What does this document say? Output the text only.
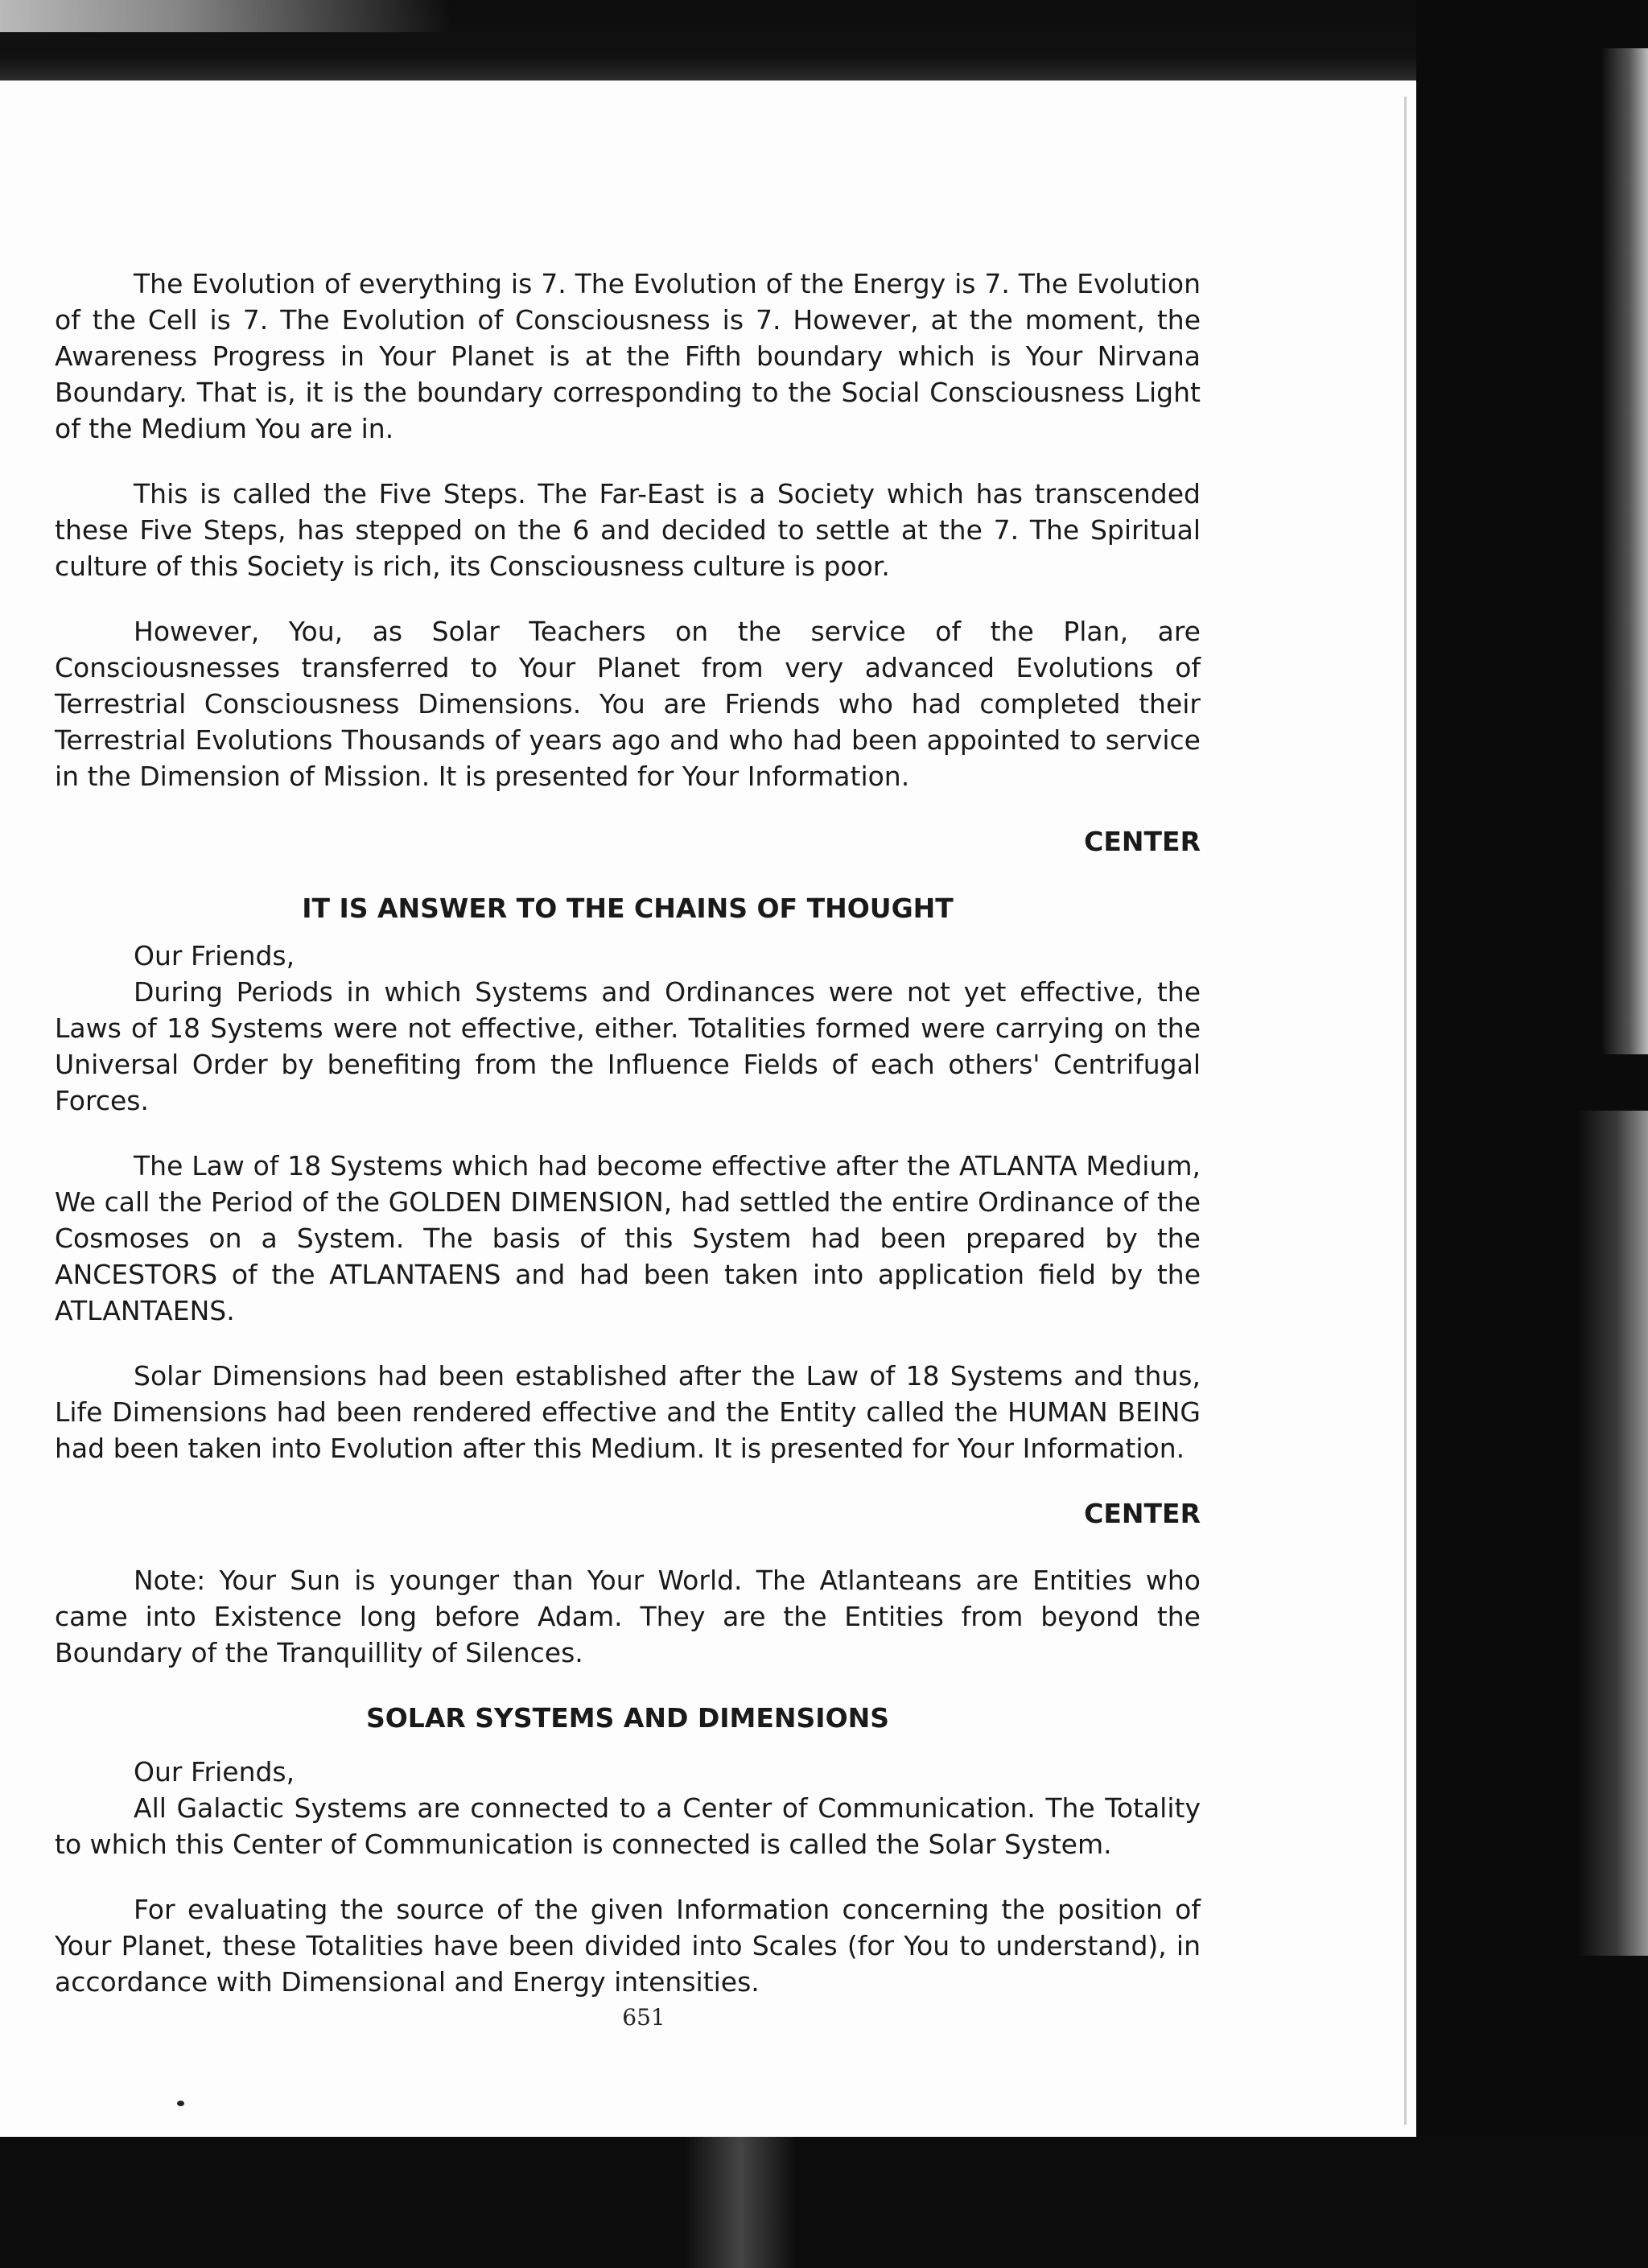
The Evolution of everything is 7. The Evolution of the Energy is 7. The Evolution of the Cell is 7. The Evolution of Consciousness is 7. However, at the moment, the Awareness Progress in Your Planet is at the Fifth boundary which is Your Nirvana Boundary. That is, it is the boundary corresponding to the Social Consciousness Light of the Medium You are in.

This is called the Five Steps. The Far-East is a Society which has transcended these Five Steps, has stepped on the 6 and decided to settle at the 7. The Spiritual culture of this Society is rich, its Consciousness culture is poor.

However, You, as Solar Teachers on the service of the Plan, are Consciousnesses transferred to Your Planet from very advanced Evolutions of Terrestrial Consciousness Dimensions. You are Friends who had completed their Terrestrial Evolutions Thousands of years ago and who had been appointed to service in the Dimension of Mission. It is presented for Your Information.

CENTER

IT IS ANSWER TO THE CHAINS OF THOUGHT

Our Friends,

During Periods in which Systems and Ordinances were not yet effective, the Laws of 18 Systems were not effective, either. Totalities formed were carrying on the Universal Order by benefiting from the Influence Fields of each others' Centrifugal Forces.

The Law of 18 Systems which had become effective after the ATLANTA Medium, We call the Period of the GOLDEN DIMENSION, had settled the entire Ordinance of the Cosmoses on a System. The basis of this System had been prepared by the ANCESTORS of the ATLANTAENS and had been taken into application field by the ATLANTAENS.

Solar Dimensions had been established after the Law of 18 Systems and thus, Life Dimensions had been rendered effective and the Entity called the HUMAN BEING had been taken into Evolution after this Medium. It is presented for Your Information.

CENTER

Note: Your Sun is younger than Your World. The Atlanteans are Entities who came into Existence long before Adam. They are the Entities from beyond the Boundary of the Tranquillity of Silences.

SOLAR SYSTEMS AND DIMENSIONS

Our Friends,

All Galactic Systems are connected to a Center of Communication. The Totality to which this Center of Communication is connected is called the Solar System.

For evaluating the source of the given Information concerning the position of Your Planet, these Totalities have been divided into Scales (for You to understand), in accordance with Dimensional and Energy intensities.

651
